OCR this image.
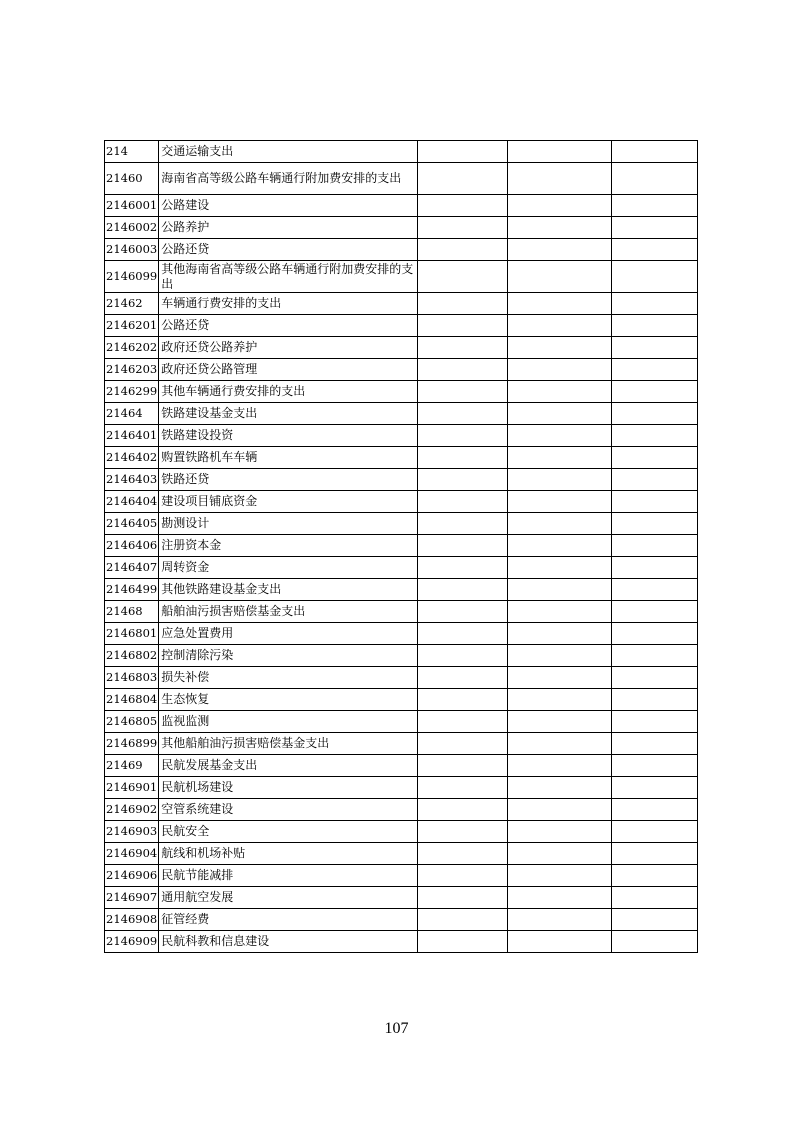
214	交通运输支出			
21460	海南省高等级公路车辆通行附加费安排的支出			
2146001	公路建设			
2146002	公路养护			
2146003	公路还贷			
2146099	其他海南省高等级公路车辆通行附加费安排的支出			
21462	车辆通行费安排的支出			
2146201	公路还贷			
2146202	政府还贷公路养护			
2146203	政府还贷公路管理			
2146299	其他车辆通行费安排的支出			
21464	铁路建设基金支出			
2146401	铁路建设投资			
2146402	购置铁路机车车辆			
2146403	铁路还贷			
2146404	建设项目铺底资金			
2146405	勘测设计			
2146406	注册资本金			
2146407	周转资金			
2146499	其他铁路建设基金支出			
21468	船舶油污损害赔偿基金支出			
2146801	应急处置费用			
2146802	控制清除污染			
2146803	损失补偿			
2146804	生态恢复			
2146805	监视监测			
2146899	其他船舶油污损害赔偿基金支出			
21469	民航发展基金支出			
2146901	民航机场建设			
2146902	空管系统建设			
2146903	民航安全			
2146904	航线和机场补贴			
2146906	民航节能减排			
2146907	通用航空发展			
2146908	征管经费			
2146909	民航科教和信息建设			
107
